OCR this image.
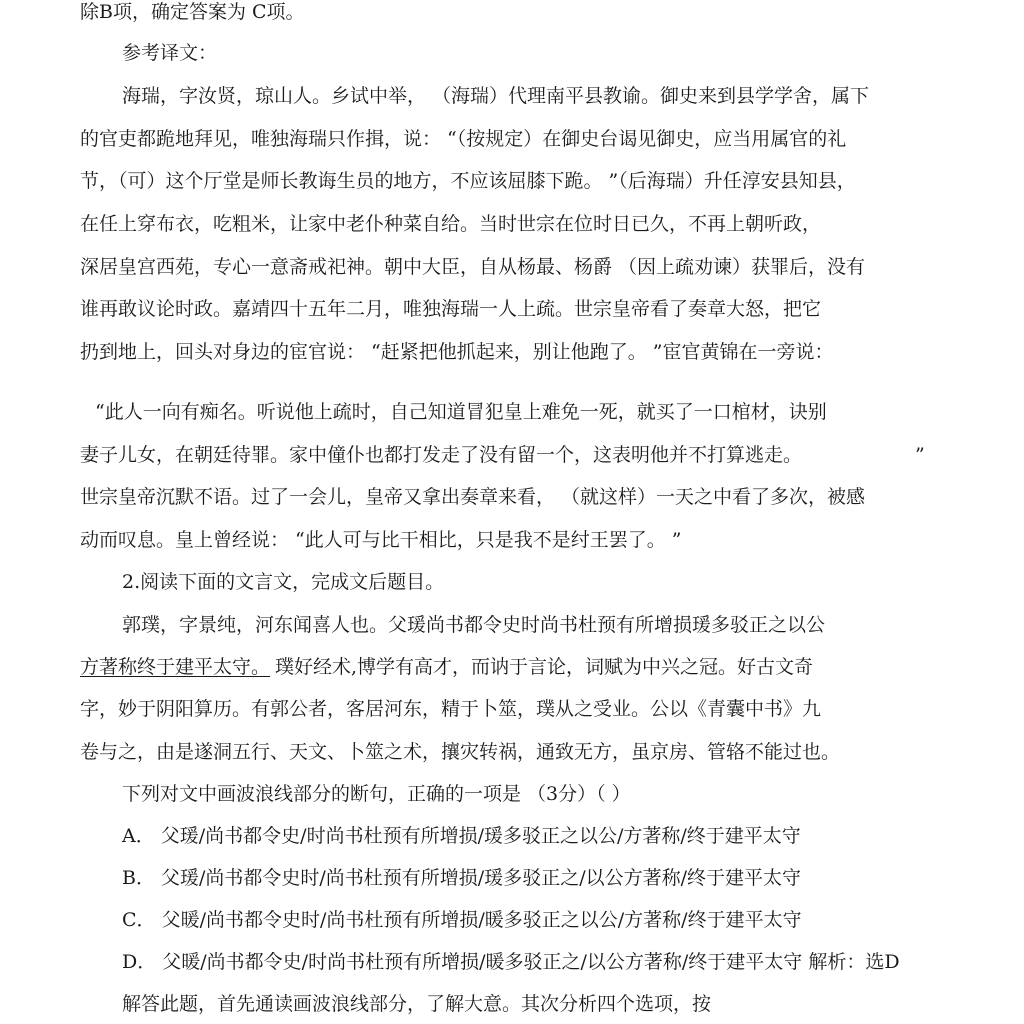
除B项，确定答案为 C项。
参考译文：
海瑞，字汝贤，琼山人。乡试中举， （海瑞）代理南平县教谕。御史来到县学学舍，属下
的官吏都跪地拜见，唯独海瑞只作揖，说： “（按规定）在御史台谒见御史，应当用属官的礼
节，（可）这个厅堂是师长教诲生员的地方，不应该屈膝下跪。 ”（后海瑞）升任淳安县知县，
在任上穿布衣，吃粗米，让家中老仆种菜自给。当时世宗在位时日已久，不再上朝听政，
深居皇宫西苑，专心一意斋戒祀神。朝中大臣，自从杨最、杨爵 （因上疏劝谏）获罪后，没有
谁再敢议论时政。嘉靖四十五年二月，唯独海瑞一人上疏。世宗皇帝看了奏章大怒，把它
扔到地上，回头对身边的宦官说： “赶紧把他抓起来，别让他跑了。 ”宦官黄锦在一旁说：
“此人一向有痴名。听说他上疏时，自己知道冒犯皇上难免一死，就买了一口棺材，诀别
妻子儿女，在朝廷待罪。家中僮仆也都打发走了没有留一个，这表明他并不打算逃走。	”
世宗皇帝沉默不语。过了一会儿，皇帝又拿出奏章来看， （就这样）一天之中看了多次，被感
动而叹息。皇上曾经说： “此人可与比干相比，只是我不是纣王罢了。 ”
2.阅读下面的文言文，完成文后题目。
郭璞，字景纯，河东闻喜人也。父瑗尚书都令史时尚书杜预有所增损瑗多驳正之以公
方著称终于建平太守。 璞好经术,博学有高才，而讷于言论，词赋为中兴之冠。好古文奇
字，妙于阴阳算历。有郭公者，客居河东，精于卜筮，璞从之受业。公以《青囊中书》九
卷与之，由是遂洞五行、天文、卜筮之术，攘灾转祸，通致无方，虽京房、管辂不能过也。
下列对文中画波浪线部分的断句，正确的一项是 （3分）（ ）
A． 父瑗/尚书都令史/时尚书杜预有所增损/瑗多驳正之以公/方著称/终于建平太守
B． 父瑗/尚书都令史时/尚书杜预有所增损/瑗多驳正之/以公方著称/终于建平太守
C． 父暖/尚书都令史时/尚书杜预有所增损/暖多驳正之以公/方著称/终于建平太守
D． 父暖/尚书都令史/时尚书杜预有所增损/暖多驳正之/以公方著称/终于建平太守 解析：选D
解答此题，首先通读画波浪线部分，了解大意。其次分析四个选项，按
